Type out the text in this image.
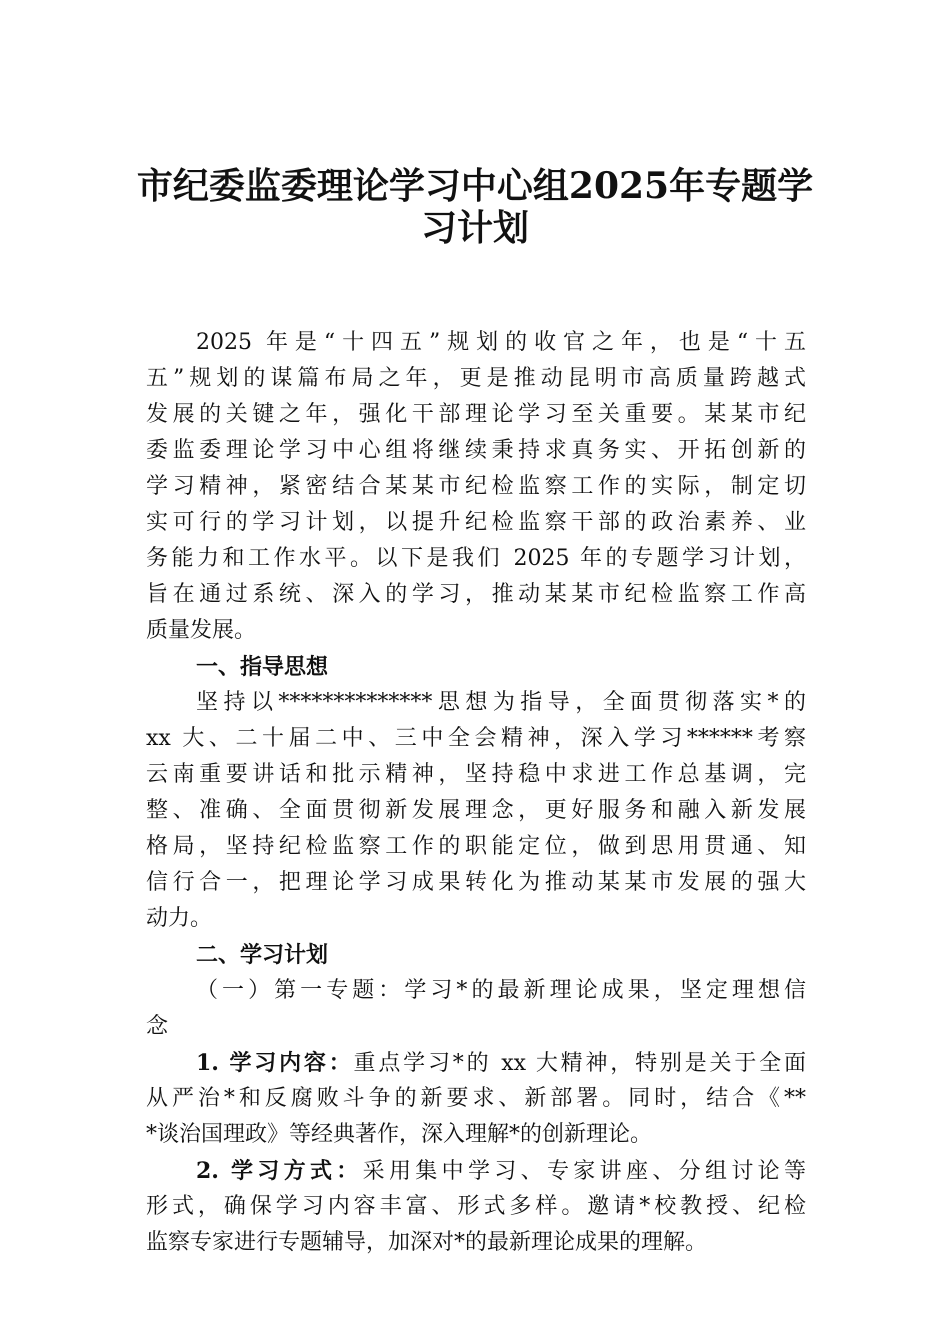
市纪委监委理论学习中心组2025年专题学
习计划
2025 年是“十四五”规划的收官之年，也是“十五
五”规划的谋篇布局之年，更是推动昆明市高质量跨越式
发展的关键之年，强化干部理论学习至关重要。某某市纪
委监委理论学习中心组将继续秉持求真务实、开拓创新的
学习精神，紧密结合某某市纪检监察工作的实际，制定切
实可行的学习计划，以提升纪检监察干部的政治素养、业
务能力和工作水平。以下是我们 2025 年的专题学习计划，
旨在通过系统、深入的学习，推动某某市纪检监察工作高
质量发展。
一、指导思想
坚持以**************思想为指导，全面贯彻落实*的
xx 大、二十届二中、三中全会精神，深入学习******考察
云南重要讲话和批示精神，坚持稳中求进工作总基调，完
整、准确、全面贯彻新发展理念，更好服务和融入新发展
格局，坚持纪检监察工作的职能定位，做到思用贯通、知
信行合一，把理论学习成果转化为推动某某市发展的强大
动力。
二、学习计划
（一）第一专题：学习*的最新理论成果，坚定理想信
念
1. 学习内容：重点学习*的 xx 大精神，特别是关于全面
从严治*和反腐败斗争的新要求、新部署。同时，结合《**
*谈治国理政》等经典著作，深入理解*的创新理论。
2. 学习方式：采用集中学习、专家讲座、分组讨论等
形式，确保学习内容丰富、形式多样。邀请*校教授、纪检
监察专家进行专题辅导，加深对*的最新理论成果的理解。
